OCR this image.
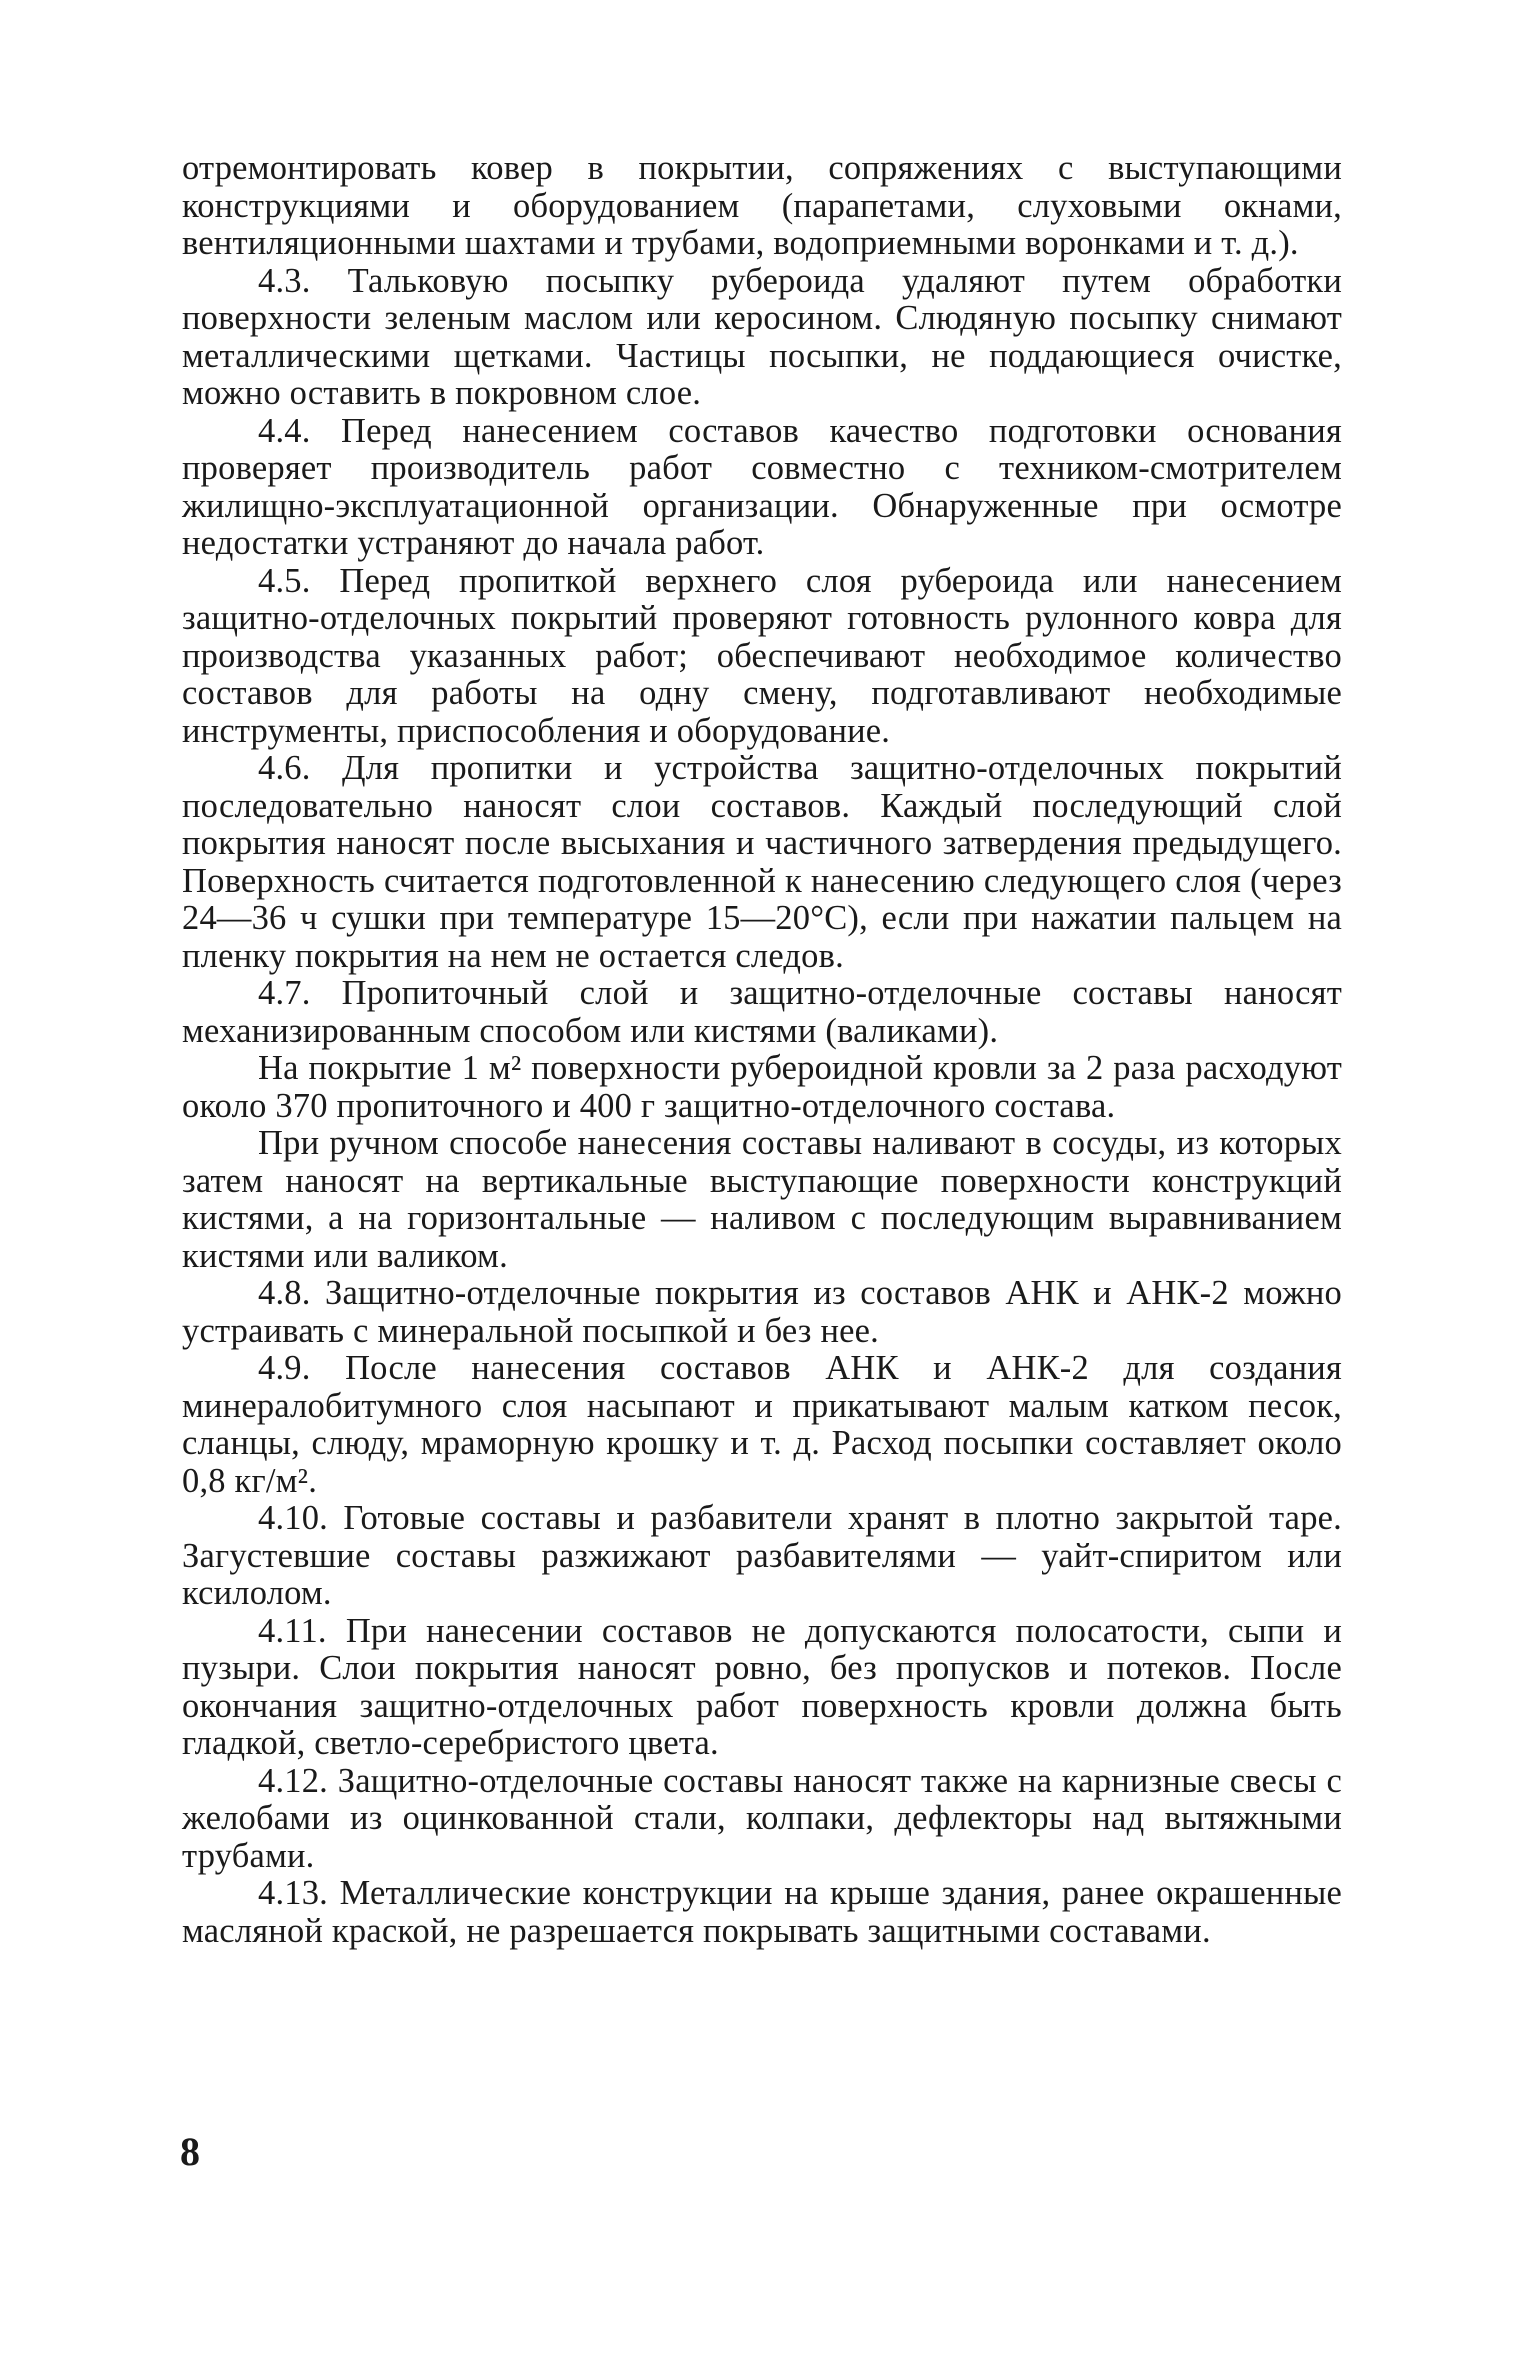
отремонтировать ковер в покрытии, сопряжениях с выступающими конструкциями и оборудованием (парапетами, слуховыми окнами, вентиляционными шахтами и трубами, водоприемными воронками и т. д.).

4.3. Тальковую посыпку рубероида удаляют путем обработки поверхности зеленым маслом или керосином. Слюдяную посыпку снимают металлическими щетками. Частицы посыпки, не поддающиеся очистке, можно оставить в покровном слое.

4.4. Перед нанесением составов качество подготовки основания проверяет производитель работ совместно с техником-смотрителем жилищно-эксплуатационной организации. Обнаруженные при осмотре недостатки устраняют до начала работ.

4.5. Перед пропиткой верхнего слоя рубероида или нанесением защитно-отделочных покрытий проверяют готовность рулонного ковра для производства указанных работ; обеспечивают необходимое количество составов для работы на одну смену, подготавливают необходимые инструменты, приспособления и оборудование.

4.6. Для пропитки и устройства защитно-отделочных покрытий последовательно наносят слои составов. Каждый последующий слой покрытия наносят после высыхания и частичного затвердения предыдущего. Поверхность считается подготовленной к нанесению следующего слоя (через 24—36 ч сушки при температуре 15—20°С), если при нажатии пальцем на пленку покрытия на нем не остается следов.

4.7. Пропиточный слой и защитно-отделочные составы наносят механизированным способом или кистями (валиками).

На покрытие 1 м² поверхности рубероидной кровли за 2 раза расходуют около 370 пропиточного и 400 г защитно-отделочного состава.

При ручном способе нанесения составы наливают в сосуды, из которых затем наносят на вертикальные выступающие поверхности конструкций кистями, а на горизонтальные — наливом с последующим выравниванием кистями или валиком.

4.8. Защитно-отделочные покрытия из составов АНК и АНК-2 можно устраивать с минеральной посыпкой и без нее.

4.9. После нанесения составов АНК и АНК-2 для создания минералобитумного слоя насыпают и прикатывают малым катком песок, сланцы, слюду, мраморную крошку и т. д. Расход посыпки составляет около 0,8 кг/м².

4.10. Готовые составы и разбавители хранят в плотно закрытой таре. Загустевшие составы разжижают разбавителями — уайт-спиритом или ксилолом.

4.11. При нанесении составов не допускаются полосатости, сыпи и пузыри. Слои покрытия наносят ровно, без пропусков и потеков. После окончания защитно-отделочных работ поверхность кровли должна быть гладкой, светло-серебристого цвета.

4.12. Защитно-отделочные составы наносят также на карнизные свесы с желобами из оцинкованной стали, колпаки, дефлекторы над вытяжными трубами.

4.13. Металлические конструкции на крыше здания, ранее окрашенные масляной краской, не разрешается покрывать защитными составами.

8
